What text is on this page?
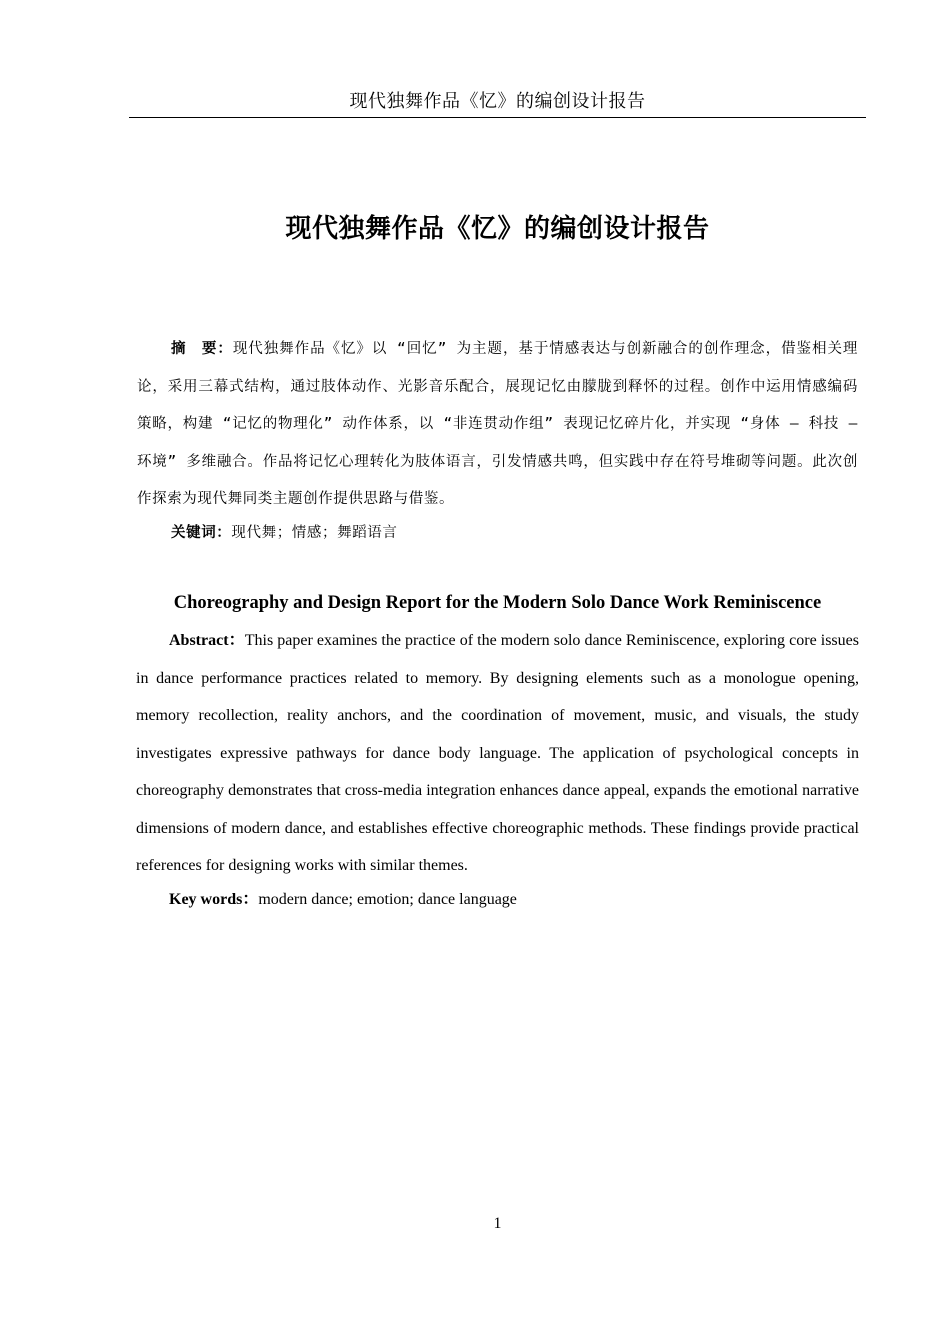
现代独舞作品《忆》的编创设计报告
现代独舞作品《忆》的编创设计报告
摘　要：现代独舞作品《忆》以 “回忆” 为主题，基于情感表达与创新融合的创作理念，借鉴相关理论，采用三幕式结构，通过肢体动作、光影音乐配合，展现记忆由朦胧到释怀的过程。创作中运用情感编码策略，构建 “记忆的物理化” 动作体系，以 “非连贯动作组” 表现记忆碎片化，并实现 “身体 — 科技 — 环境” 多维融合。作品将记忆心理转化为肢体语言，引发情感共鸣，但实践中存在符号堆砌等问题。此次创作探索为现代舞同类主题创作提供思路与借鉴。
关键词：现代舞；情感；舞蹈语言
Choreography and Design Report for the Modern Solo Dance Work Reminiscence
Abstract：This paper examines the practice of the modern solo dance Reminiscence, exploring core issues in dance performance practices related to memory. By designing elements such as a monologue opening, memory recollection, reality anchors, and the coordination of movement, music, and visuals, the study investigates expressive pathways for dance body language. The application of psychological concepts in choreography demonstrates that cross-media integration enhances dance appeal, expands the emotional narrative dimensions of modern dance, and establishes effective choreographic methods. These findings provide practical references for designing works with similar themes.
Key words：modern dance; emotion; dance language
1
